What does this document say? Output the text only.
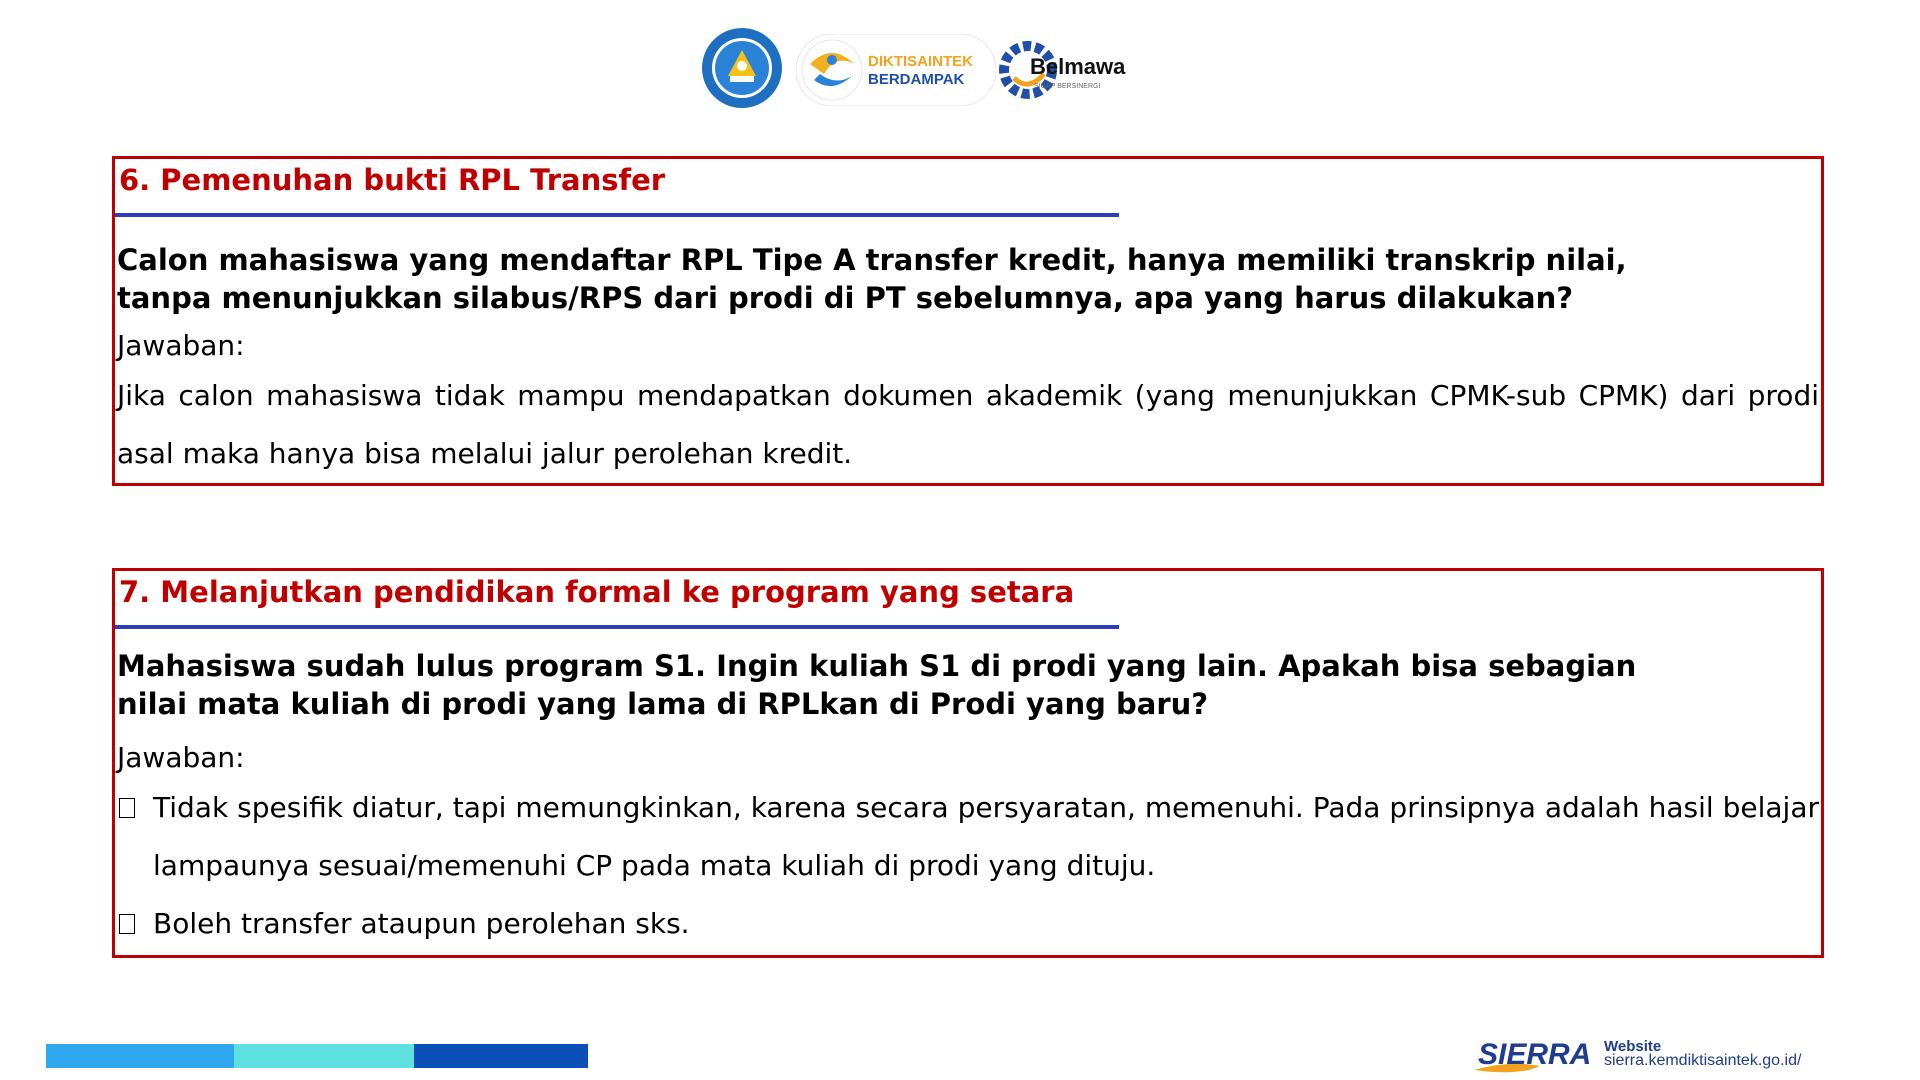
DIKTISAINTEK
BERDAMPAK
Belmawa
SIGAP BERSINERGI
6. Pemenuhan bukti RPL Transfer
Calon mahasiswa yang mendaftar RPL Tipe A transfer kredit, hanya memiliki transkrip nilai,
tanpa menunjukkan silabus/RPS dari prodi di PT sebelumnya, apa yang harus dilakukan?
Jawaban:
Jika calon mahasiswa tidak mampu mendapatkan dokumen akademik (yang menunjukkan CPMK-sub CPMK) dari prodi asal maka hanya bisa melalui jalur perolehan kredit.
7. Melanjutkan pendidikan formal ke program yang setara
Mahasiswa sudah lulus program S1. Ingin kuliah S1 di prodi yang lain. Apakah bisa sebagian
nilai mata kuliah di prodi yang lama di RPLkan di Prodi yang baru?
Jawaban:
Tidak spesifik diatur, tapi memungkinkan, karena secara persyaratan, memenuhi. Pada prinsipnya adalah hasil belajar lampaunya sesuai/memenuhi CP pada mata kuliah di prodi yang dituju.
Boleh transfer ataupun perolehan sks.
SIERRA Website
sierra.kemdiktisaintek.go.id/
